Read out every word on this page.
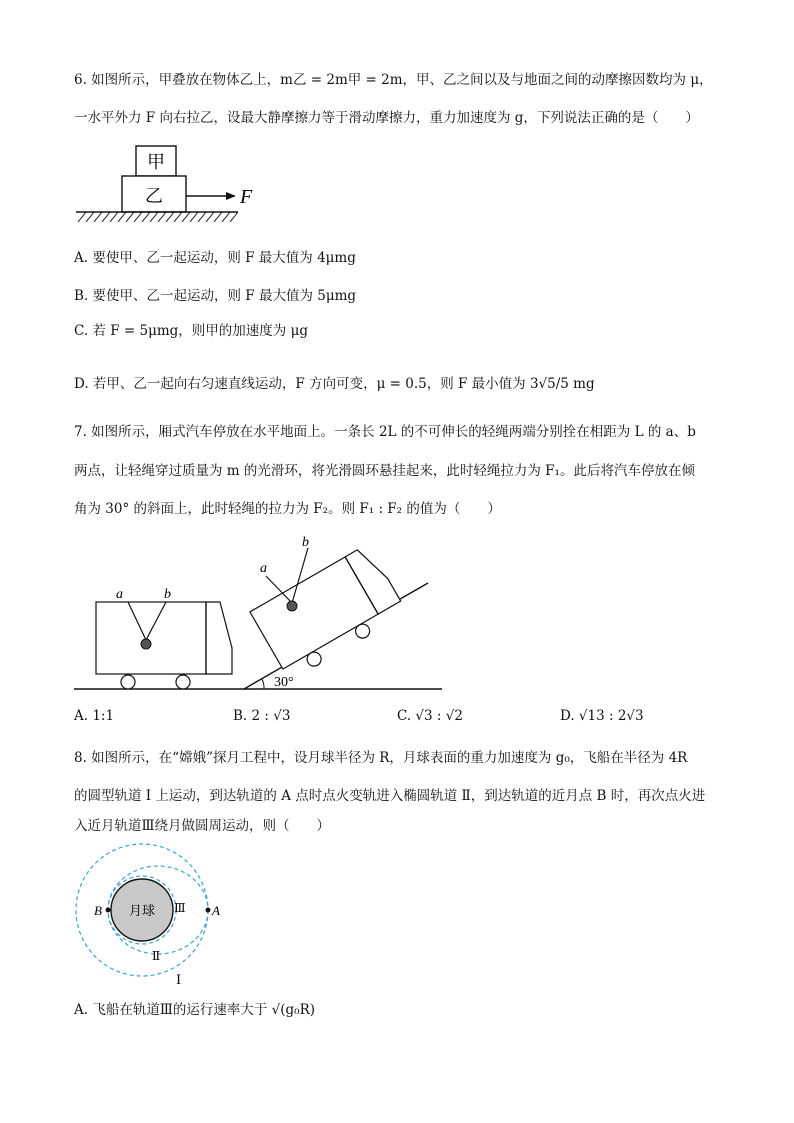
6. 如图所示，甲叠放在物体乙上，m乙 = 2m甲 = 2m，甲、乙之间以及与地面之间的动摩擦因数均为 μ，
一水平外力 F 向右拉乙，设最大静摩擦力等于滑动摩擦力，重力加速度为 g，下列说法正确的是（　　）
甲
乙	F
A. 要使甲、乙一起运动，则 F 最大值为 4μmg
B. 要使甲、乙一起运动，则 F 最大值为 5μmg
C. 若 F = 5μmg，则甲的加速度为 μg
D. 若甲、乙一起向右匀速直线运动，F 方向可变，μ = 0.5，则 F 最小值为 3√5/5 mg
7. 如图所示，厢式汽车停放在水平地面上。一条长 2L 的不可伸长的轻绳两端分别拴在相距为 L 的 a、b
两点，让轻绳穿过质量为 m 的光滑环，将光滑圆环悬挂起来，此时轻绳拉力为 F₁。此后将汽车停放在倾
角为 30° 的斜面上，此时轻绳的拉力为 F₂。则 F₁ : F₂ 的值为（　　）
a	b
30°
a
b
A. 1:1	B. 2 : √3	C. √3 : √2	D. √13 : 2√3
8. 如图所示，在“嫦娥”探月工程中，设月球半径为 R，月球表面的重力加速度为 g₀，飞船在半径为 4R
的圆型轨道 Ⅰ 上运动，到达轨道的 A 点时点火变轨进入椭圆轨道 Ⅱ，到达轨道的近月点 B 时，再次点火进
入近月轨道Ⅲ绕月做圆周运动，则（　　）
月球
B	A
Ⅲ
Ⅱ
Ⅰ
A. 飞船在轨道Ⅲ的运行速率大于 √(g₀R)
